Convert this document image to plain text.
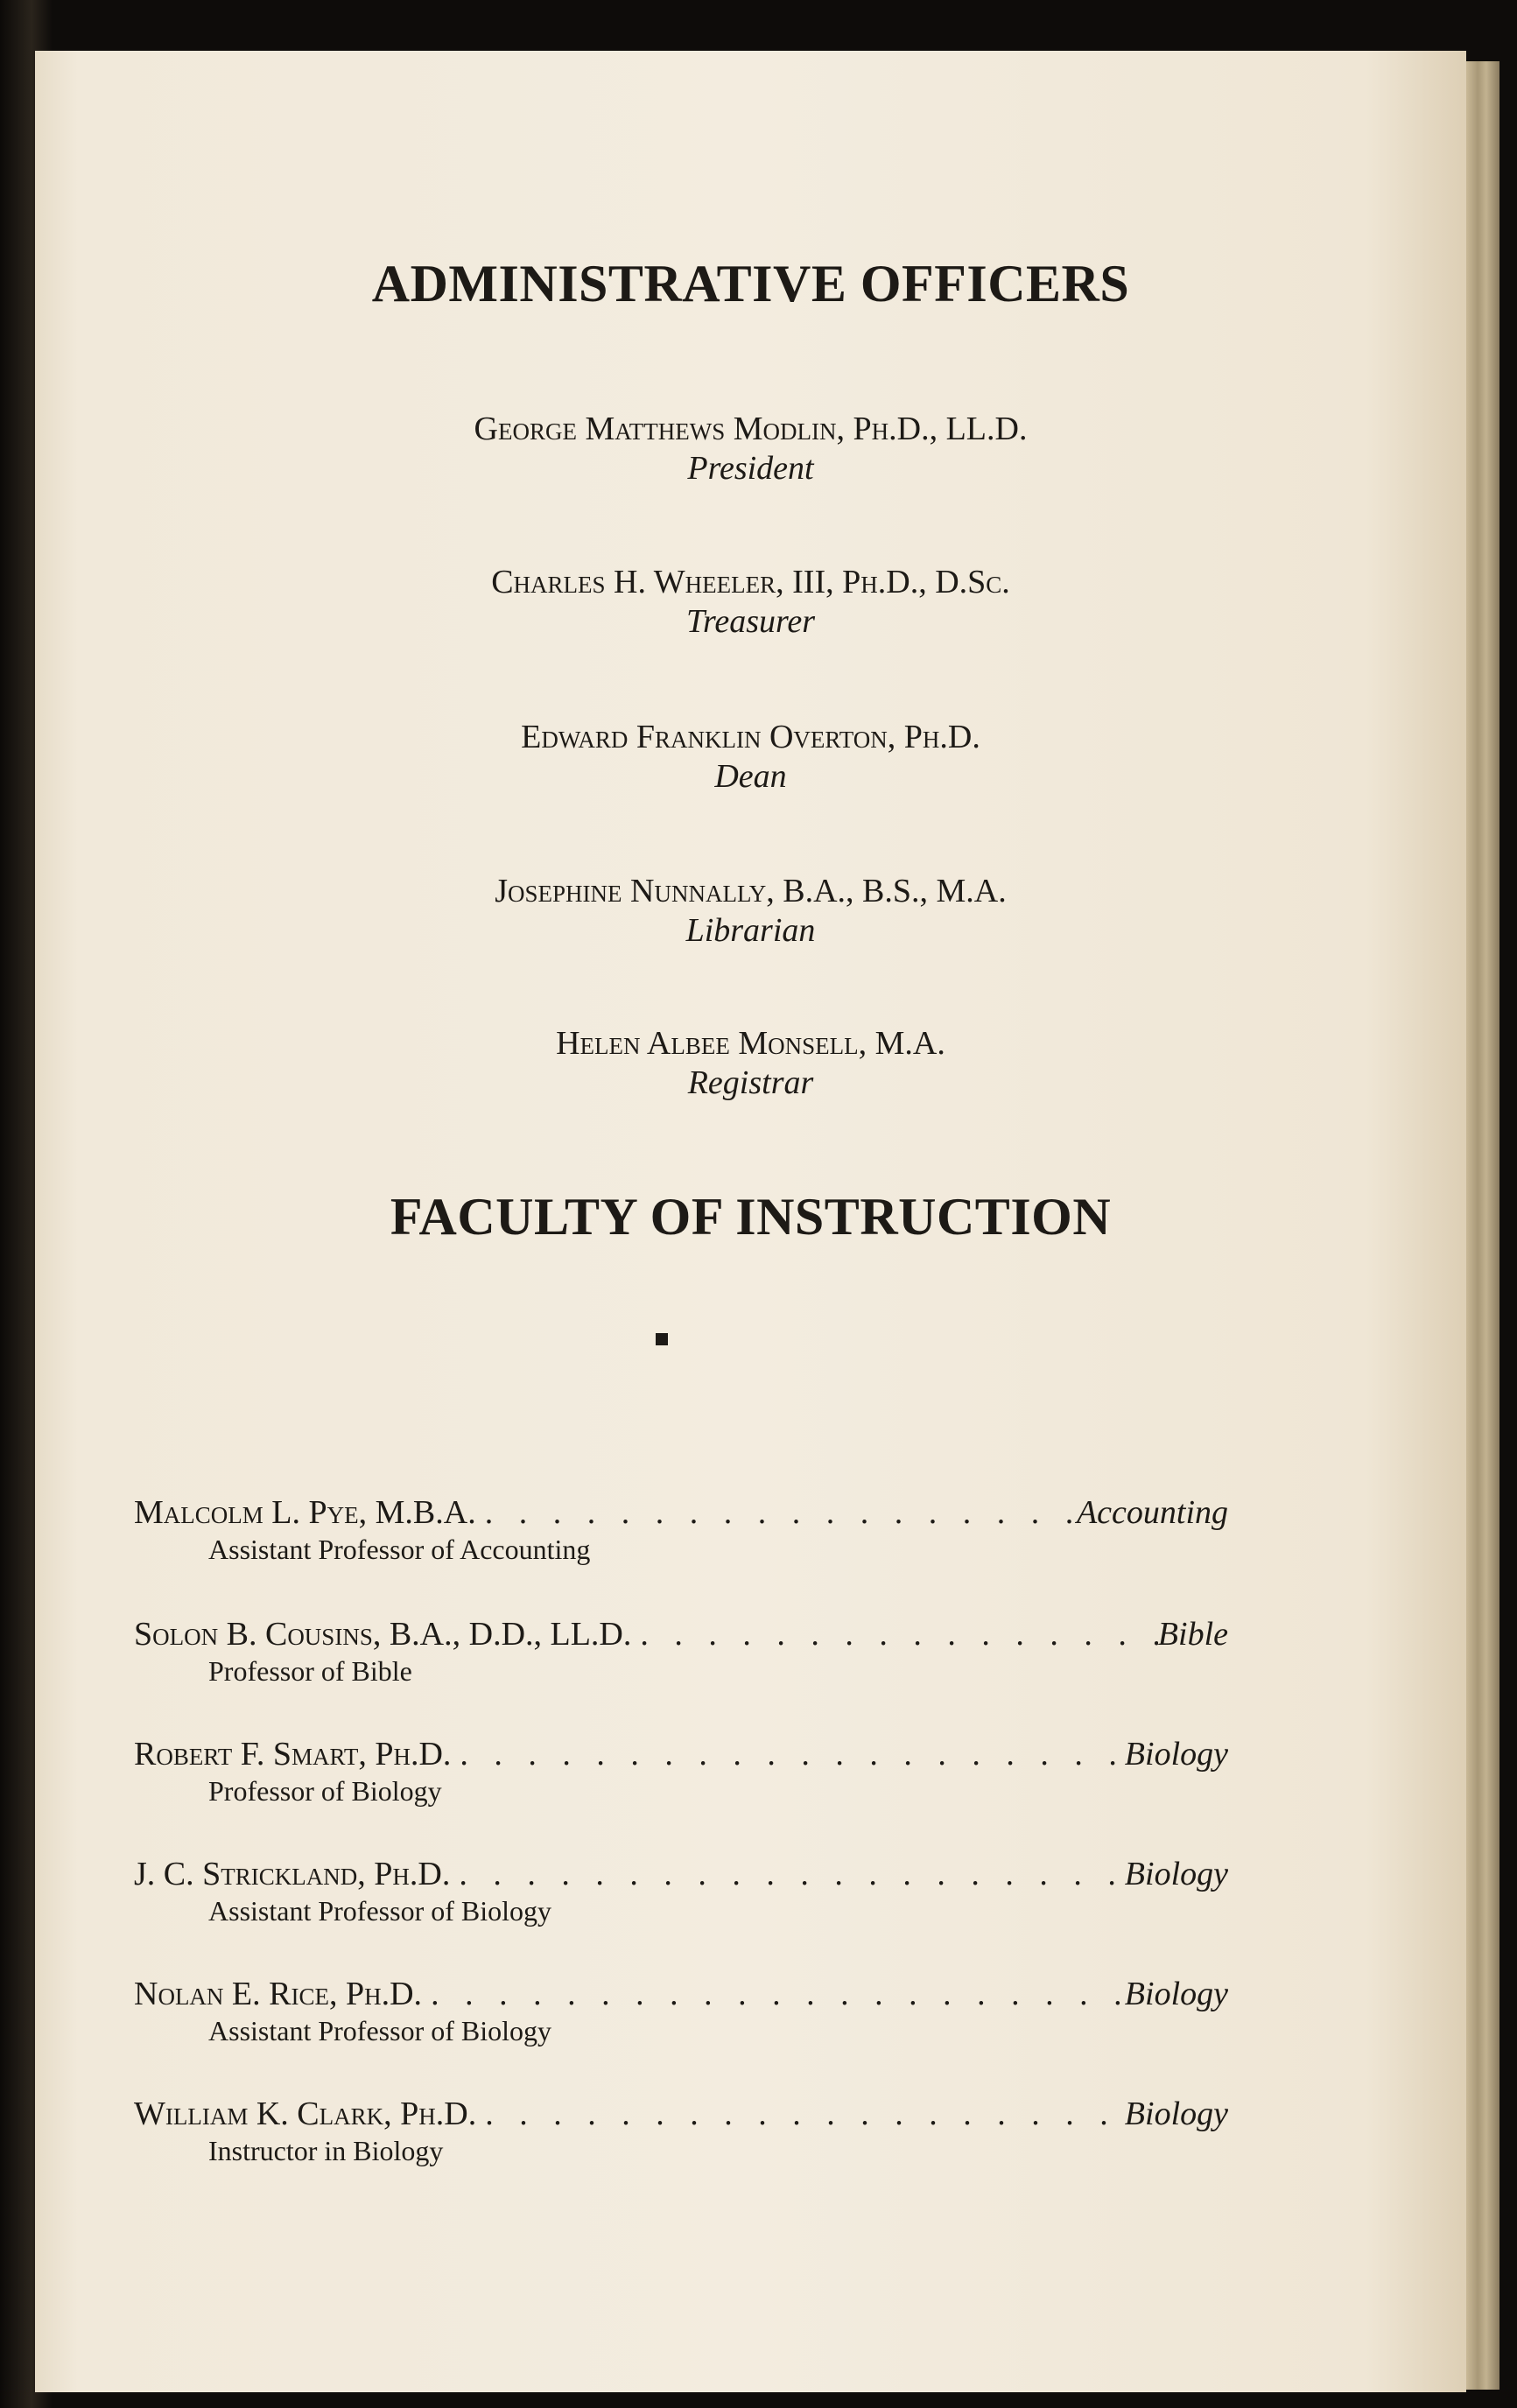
ADMINISTRATIVE OFFICERS
George Matthews Modlin, Ph.D., LL.D.
President
Charles H. Wheeler, III, Ph.D., D.Sc.
Treasurer
Edward Franklin Overton, Ph.D.
Dean
Josephine Nunnally, B.A., B.S., M.A.
Librarian
Helen Albee Monsell, M.A.
Registrar
FACULTY OF INSTRUCTION
Malcolm L. Pye, M.B.A. . . .	Accounting
Assistant Professor of Accounting
Solon B. Cousins, B.A., D.D., LL.D. . . .	Bible
Professor of Bible
Robert F. Smart, Ph.D. . . .	Biology
Professor of Biology
J. C. Strickland, Ph.D. . . .	Biology
Assistant Professor of Biology
Nolan E. Rice, Ph.D. . . .	Biology
Assistant Professor of Biology
William K. Clark, Ph.D. . . .	Biology
Instructor in Biology
